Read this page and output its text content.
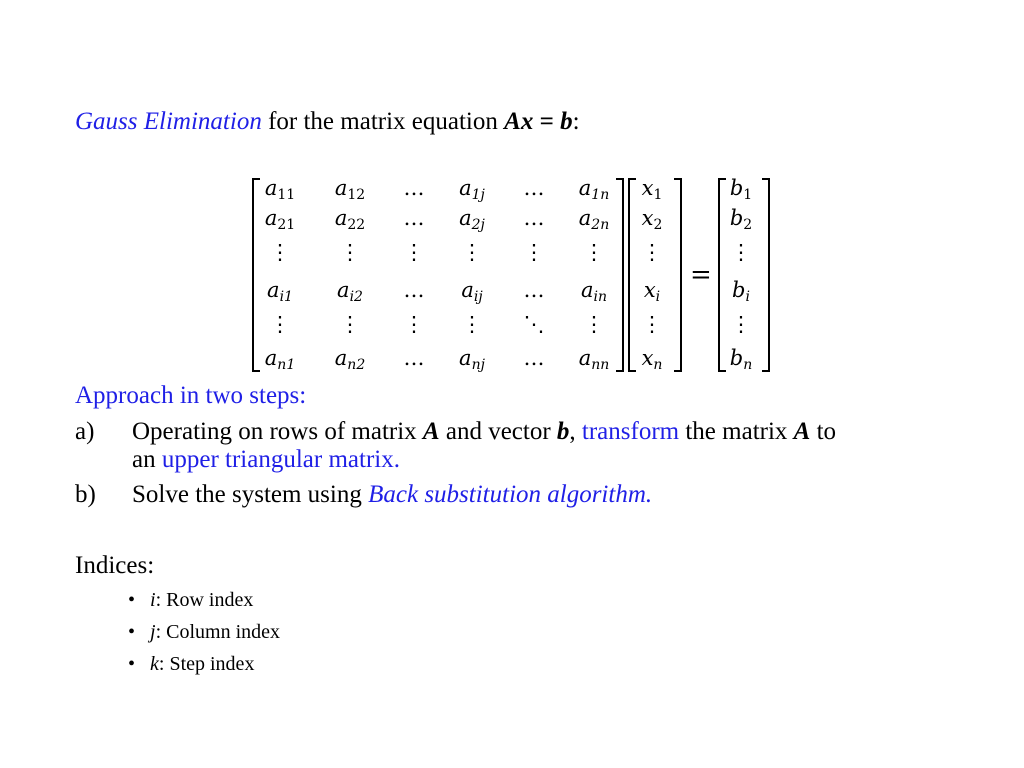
Gauss Elimination for the matrix equation Ax = b:
=
$a_{11}$	$a_{12}$	…	$a_{1j}$	…	$a_{1n}$
$a_{21}$	$a_{22}$	…	$a_{2j}$	…	$a_{2n}$
⋮	⋮	⋮	⋮	⋮	⋮
$a_{i1}$	$a_{i2}$	…	$a_{ij}$	…	$a_{in}$
⋮	⋮	⋮	⋮	⋱	⋮
$a_{n1}$	$a_{n2}$	…	$a_{nj}$	…	$a_{nn}$
$x_1$
$x_2$
⋮
$x_i$
⋮
$x_n$
$b_1$
$b_2$
⋮
$b_i$
⋮
$b_n$
Approach in two steps:
a) Operating on rows of matrix A and vector b, transform the matrix A to
an upper triangular matrix.
b) Solve the system using Back substitution algorithm.
Indices:
• i: Row index
• j: Column index
• k: Step index
